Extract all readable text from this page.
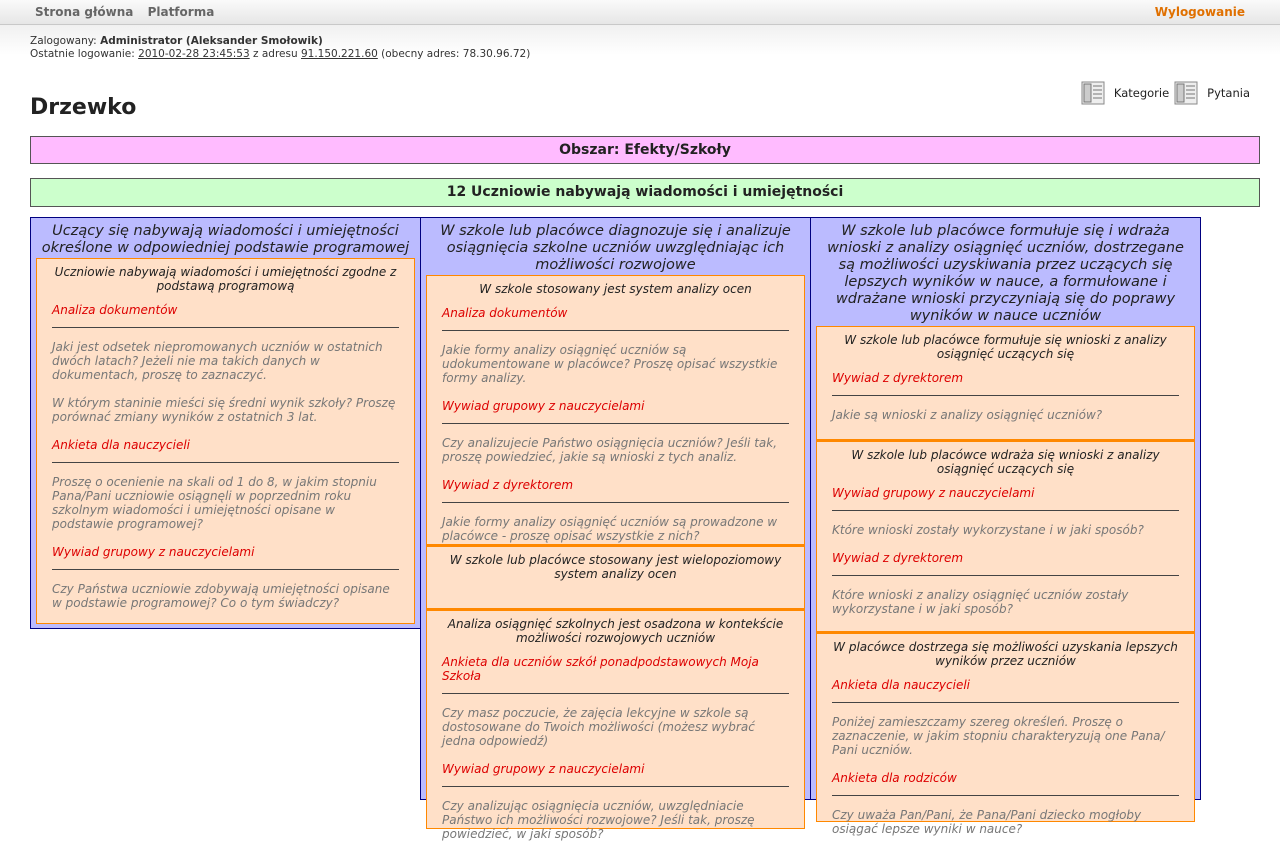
Strona główna Platforma	Wylogowanie
Zalogowany: Administrator (Aleksander Smołowik)
Ostatnie logowanie: 2010-02-28 23:45:53 z adresu 91.150.221.60 (obecny adres: 78.30.96.72)
Drzewko
Kategorie	Pytania
Obszar: Efekty/Szkoły
12 Uczniowie nabywają wiadomości i umiejętności
Uczący się nabywają wiadomości i umiejętności określone w odpowiedniej podstawie programowej
Uczniowie nabywają wiadomości i umiejętności zgodne z podstawą programową
Analiza dokumentów
Jaki jest odsetek niepromowanych uczniów w ostatnich dwóch latach? Jeżeli nie ma takich danych w dokumentach, proszę to zaznaczyć.
W którym staninie mieści się średni wynik szkoły? Proszę porównać zmiany wyników z ostatnich 3 lat.
Ankieta dla nauczycieli
Proszę o ocenienie na skali od 1 do 8, w jakim stopniu Pana/Pani uczniowie osiągnęli w poprzednim roku szkolnym wiadomości i umiejętności opisane w podstawie programowej?
Wywiad grupowy z nauczycielami
Czy Państwa uczniowie zdobywają umiejętności opisane w podstawie programowej? Co o tym świadczy?
W szkole lub placówce diagnozuje się i analizuje osiągnięcia szkolne uczniów uwzględniając ich możliwości rozwojowe
W szkole stosowany jest system analizy ocen
Analiza dokumentów
Jakie formy analizy osiągnięć uczniów są udokumentowane w placówce? Proszę opisać wszystkie formy analizy.
Wywiad grupowy z nauczycielami
Czy analizujecie Państwo osiągnięcia uczniów? Jeśli tak, proszę powiedzieć, jakie są wnioski z tych analiz.
Wywiad z dyrektorem
Jakie formy analizy osiągnięć uczniów są prowadzone w placówce - proszę opisać wszystkie z nich?
W szkole lub placówce stosowany jest wielopoziomowy system analizy ocen
Analiza osiągnięć szkolnych jest osadzona w kontekście możliwości rozwojowych uczniów
Ankieta dla uczniów szkół ponadpodstawowych Moja Szkoła
Czy masz poczucie, że zajęcia lekcyjne w szkole są dostosowane do Twoich możliwości (możesz wybrać jedna odpowiedź)
Wywiad grupowy z nauczycielami
Czy analizując osiągnięcia uczniów, uwzględniacie Państwo ich możliwości rozwojowe? Jeśli tak, proszę powiedzieć, w jaki sposób?
W szkole lub placówce formułuje się i wdraża wnioski z analizy osiągnięć uczniów, dostrzegane są możliwości uzyskiwania przez uczących się lepszych wyników w nauce, a formułowane i wdrażane wnioski przyczyniają się do poprawy wyników w nauce uczniów
W szkole lub placówce formułuje się wnioski z analizy osiągnięć uczących się
Wywiad z dyrektorem
Jakie są wnioski z analizy osiągnięć uczniów?
W szkole lub placówce wdraża się wnioski z analizy osiągnięć uczących się
Wywiad grupowy z nauczycielami
Które wnioski zostały wykorzystane i w jaki sposób?
Wywiad z dyrektorem
Które wnioski z analizy osiągnięć uczniów zostały wykorzystane i w jaki sposób?
W placówce dostrzega się możliwości uzyskania lepszych wyników przez uczniów
Ankieta dla nauczycieli
Poniżej zamieszczamy szereg określeń. Proszę o zaznaczenie, w jakim stopniu charakteryzują one Pana/ Pani uczniów.
Ankieta dla rodziców
Czy uważa Pan/Pani, że Pana/Pani dziecko mogłoby osiągać lepsze wyniki w nauce?
